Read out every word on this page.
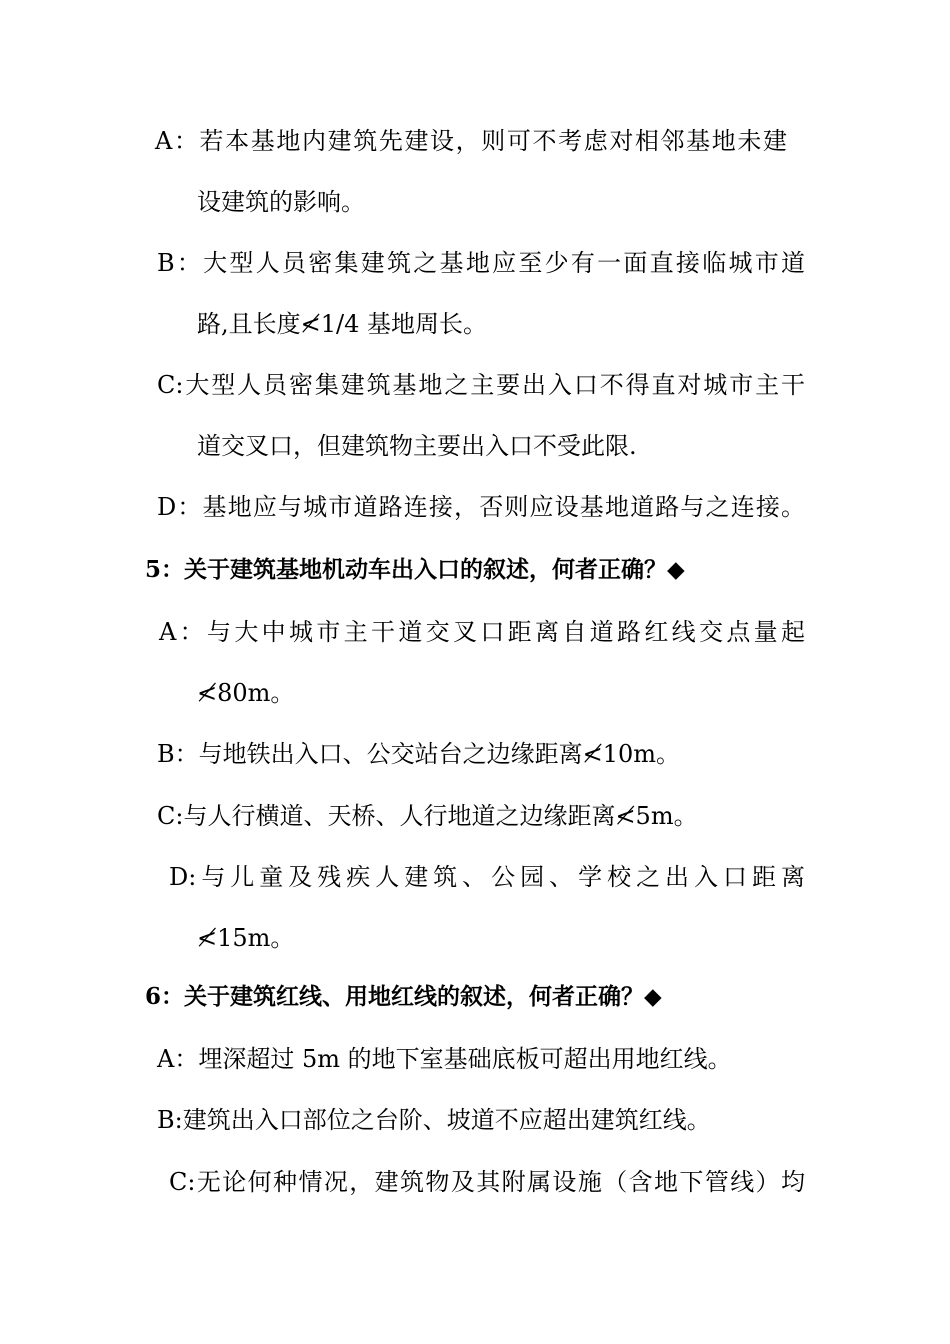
A：若本基地内建筑先建设，则可不考虑对相邻基地未建
设建筑的影响。
B：大型人员密集建筑之基地应至少有一面直接临城市道
路,且长度≮1/4 基地周长。
C:大型人员密集建筑基地之主要出入口不得直对城市主干
道交叉口，但建筑物主要出入口不受此限.
D：基地应与城市道路连接，否则应设基地道路与之连接。
5：关于建筑基地机动车出入口的叙述，何者正确？◆
A：与大中城市主干道交叉口距离自道路红线交点量起
≮80m。
B：与地铁出入口、公交站台之边缘距离≮10m。
C:与人行横道、天桥、人行地道之边缘距离≮5m。
D:与儿童及残疾人建筑、公园、学校之出入口距离
≮15m。
6：关于建筑红线、用地红线的叙述，何者正确？◆
A：埋深超过 5m 的地下室基础底板可超出用地红线。
B:建筑出入口部位之台阶、坡道不应超出建筑红线。
C:无论何种情况，建筑物及其附属设施（含地下管线）均
